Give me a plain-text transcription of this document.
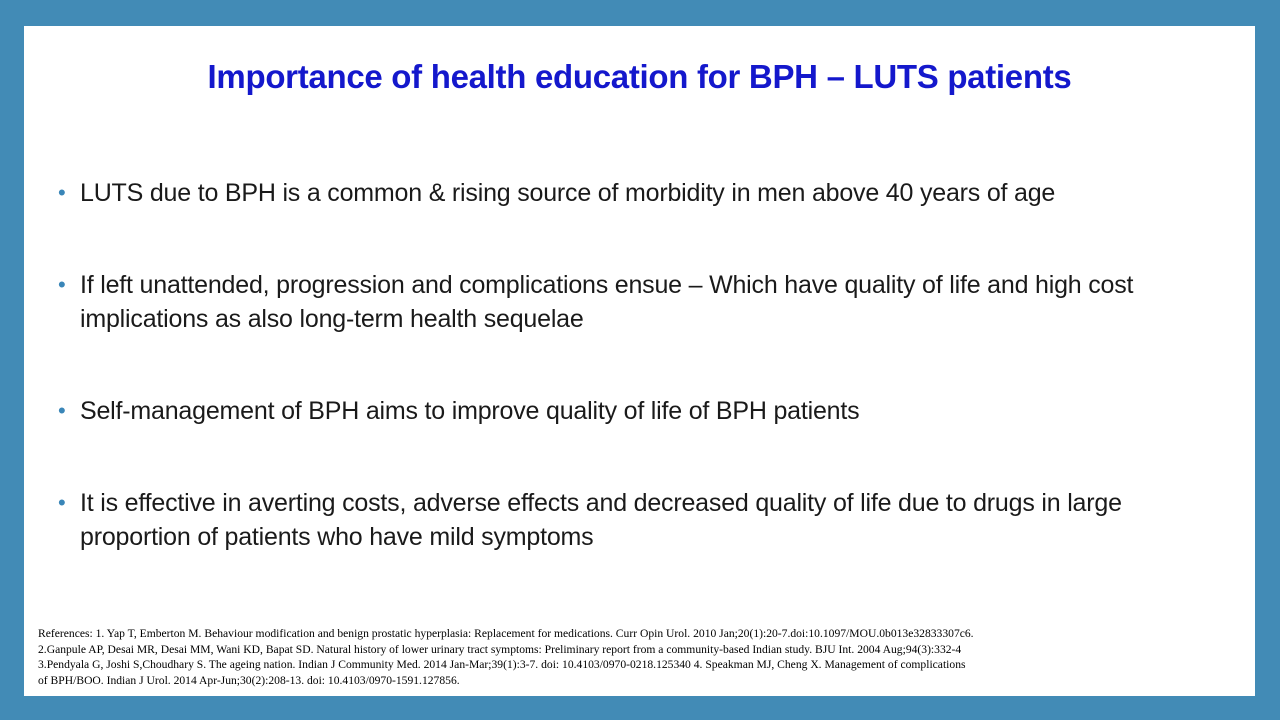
Importance of health education for BPH – LUTS patients
• LUTS due to BPH is a common & rising source of morbidity in men above 40 years of age
• If left unattended, progression and complications ensue – Which have quality of life and high cost implications as also long-term health sequelae
• Self-management of BPH aims to improve quality of life of BPH patients
• It is effective in averting costs, adverse effects and decreased quality of life due to drugs in large proportion of patients who have mild symptoms
References: 1. Yap T, Emberton M. Behaviour modification and benign prostatic hyperplasia: Replacement for medications. Curr Opin Urol. 2010 Jan;20(1):20-7.doi:10.1097/MOU.0b013e32833307c6.
2.Ganpule AP, Desai MR, Desai MM, Wani KD, Bapat SD. Natural history of lower urinary tract symptoms: Preliminary report from a community-based Indian study. BJU Int. 2004 Aug;94(3):332-4
3.Pendyala G, Joshi S,Choudhary S. The ageing nation. Indian J Community Med. 2014 Jan-Mar;39(1):3-7. doi: 10.4103/0970-0218.125340 4. Speakman MJ, Cheng X. Management of complications
of BPH/BOO. Indian J Urol. 2014 Apr-Jun;30(2):208-13. doi: 10.4103/0970-1591.127856.
